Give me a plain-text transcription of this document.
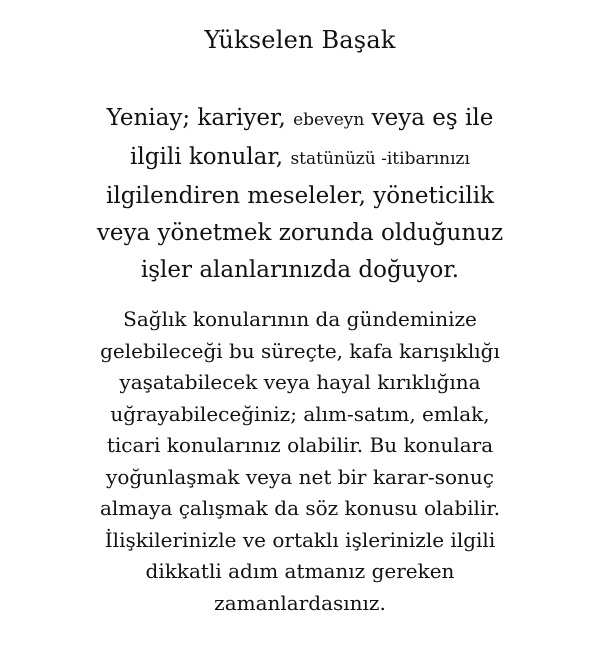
Yükselen Başak
Yeniay; kariyer, ebeveyn veya eş ile
ilgili konular, statünüzü -itibarınızı
ilgilendiren meseleler, yöneticilik
veya yönetmek zorunda olduğunuz
işler alanlarınızda doğuyor.
Sağlık konularının da gündeminize
gelebileceği bu süreçte, kafa karışıklığı
yaşatabilecek veya hayal kırıklığına
uğrayabileceğiniz; alım-satım, emlak,
ticari konularınız olabilir. Bu konulara
yoğunlaşmak veya net bir karar-sonuç
almaya çalışmak da söz konusu olabilir.
İlişkilerinizle ve ortaklı işlerinizle ilgili
dikkatli adım atmanız gereken
zamanlardasınız.
